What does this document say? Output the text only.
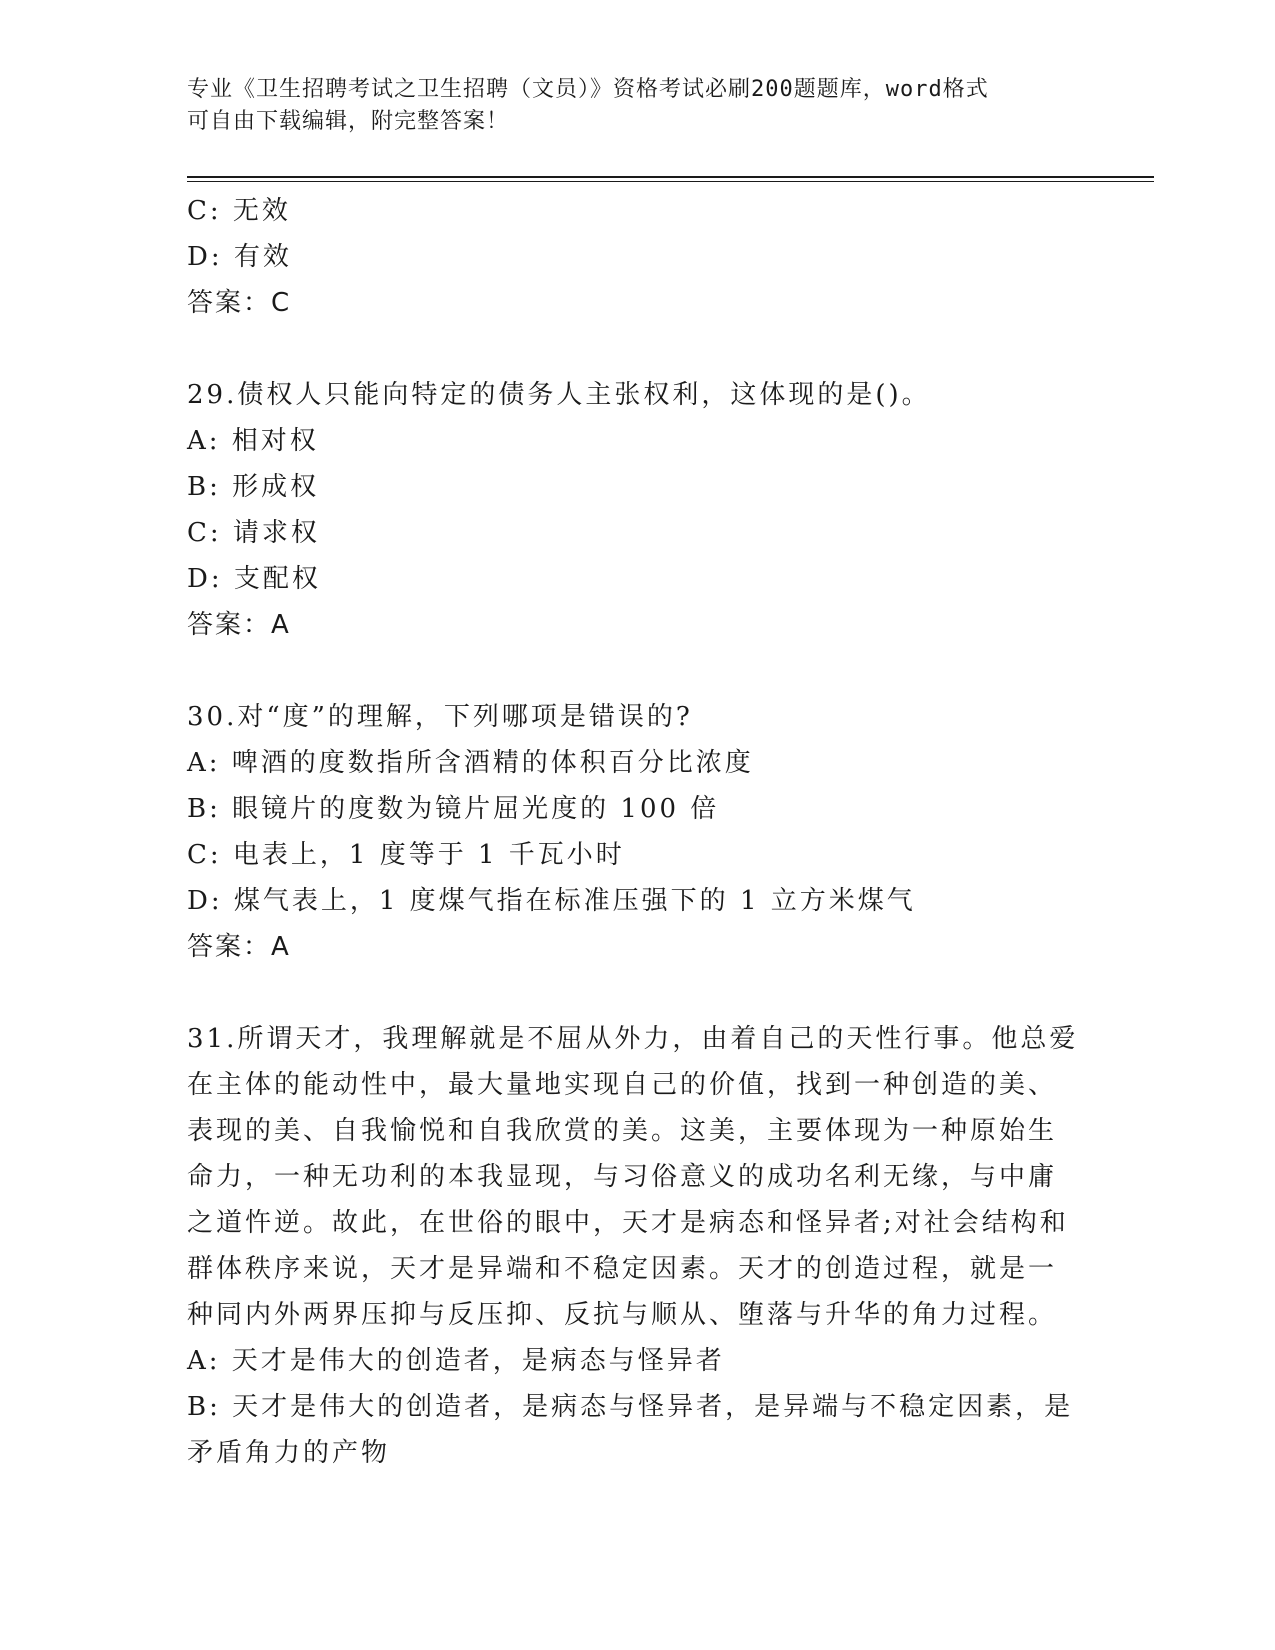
专业《卫生招聘考试之卫生招聘（文员）》资格考试必刷200题题库，word格式
可自由下载编辑，附完整答案！
C: 无效
D: 有效
答案：C
29.债权人只能向特定的债务人主张权利，这体现的是()。
A: 相对权
B: 形成权
C: 请求权
D: 支配权
答案：A
30.对“度”的理解，下列哪项是错误的?
A: 啤酒的度数指所含酒精的体积百分比浓度
B: 眼镜片的度数为镜片屈光度的 100 倍
C: 电表上，1 度等于 1 千瓦小时
D: 煤气表上，1 度煤气指在标准压强下的 1 立方米煤气
答案：A
31.所谓天才，我理解就是不屈从外力，由着自己的天性行事。他总爱
在主体的能动性中，最大量地实现自己的价值，找到一种创造的美、
表现的美、自我愉悦和自我欣赏的美。这美，主要体现为一种原始生
命力，一种无功利的本我显现，与习俗意义的成功名利无缘，与中庸
之道忤逆。故此，在世俗的眼中，天才是病态和怪异者;对社会结构和
群体秩序来说，天才是异端和不稳定因素。天才的创造过程，就是一
种同内外两界压抑与反压抑、反抗与顺从、堕落与升华的角力过程。
A: 天才是伟大的创造者，是病态与怪异者
B: 天才是伟大的创造者，是病态与怪异者，是异端与不稳定因素，是
矛盾角力的产物
